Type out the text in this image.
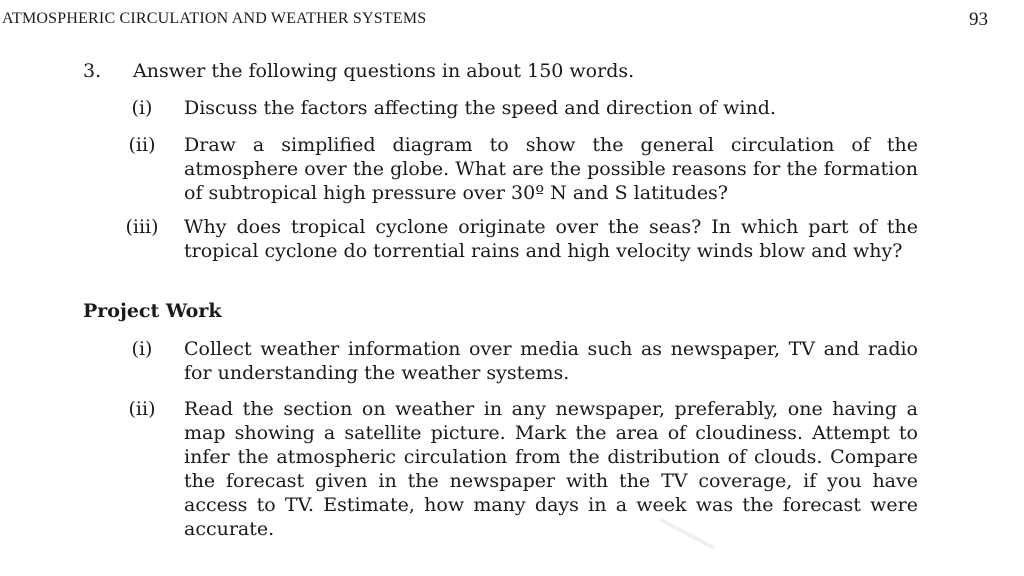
ATMOSPHERIC CIRCULATION AND WEATHER SYSTEMS	93
3. Answer the following questions in about 150 words.
(i)	Discuss the factors affecting the speed and direction of wind.
(ii)	Draw a simplified diagram to show the general circulation of the atmosphere over the globe. What are the possible reasons for the formation of subtropical high pressure over 30º N and S latitudes?
(iii)	Why does tropical cyclone originate over the seas? In which part of the tropical cyclone do torrential rains and high velocity winds blow and why?
Project Work
(i)	Collect weather information over media such as newspaper, TV and radio for understanding the weather systems.
(ii)	Read the section on weather in any newspaper, preferably, one having a map showing a satellite picture. Mark the area of cloudiness. Attempt to infer the atmospheric circulation from the distribution of clouds. Compare the forecast given in the newspaper with the TV coverage, if you have access to TV. Estimate, how many days in a week was the forecast were accurate.
